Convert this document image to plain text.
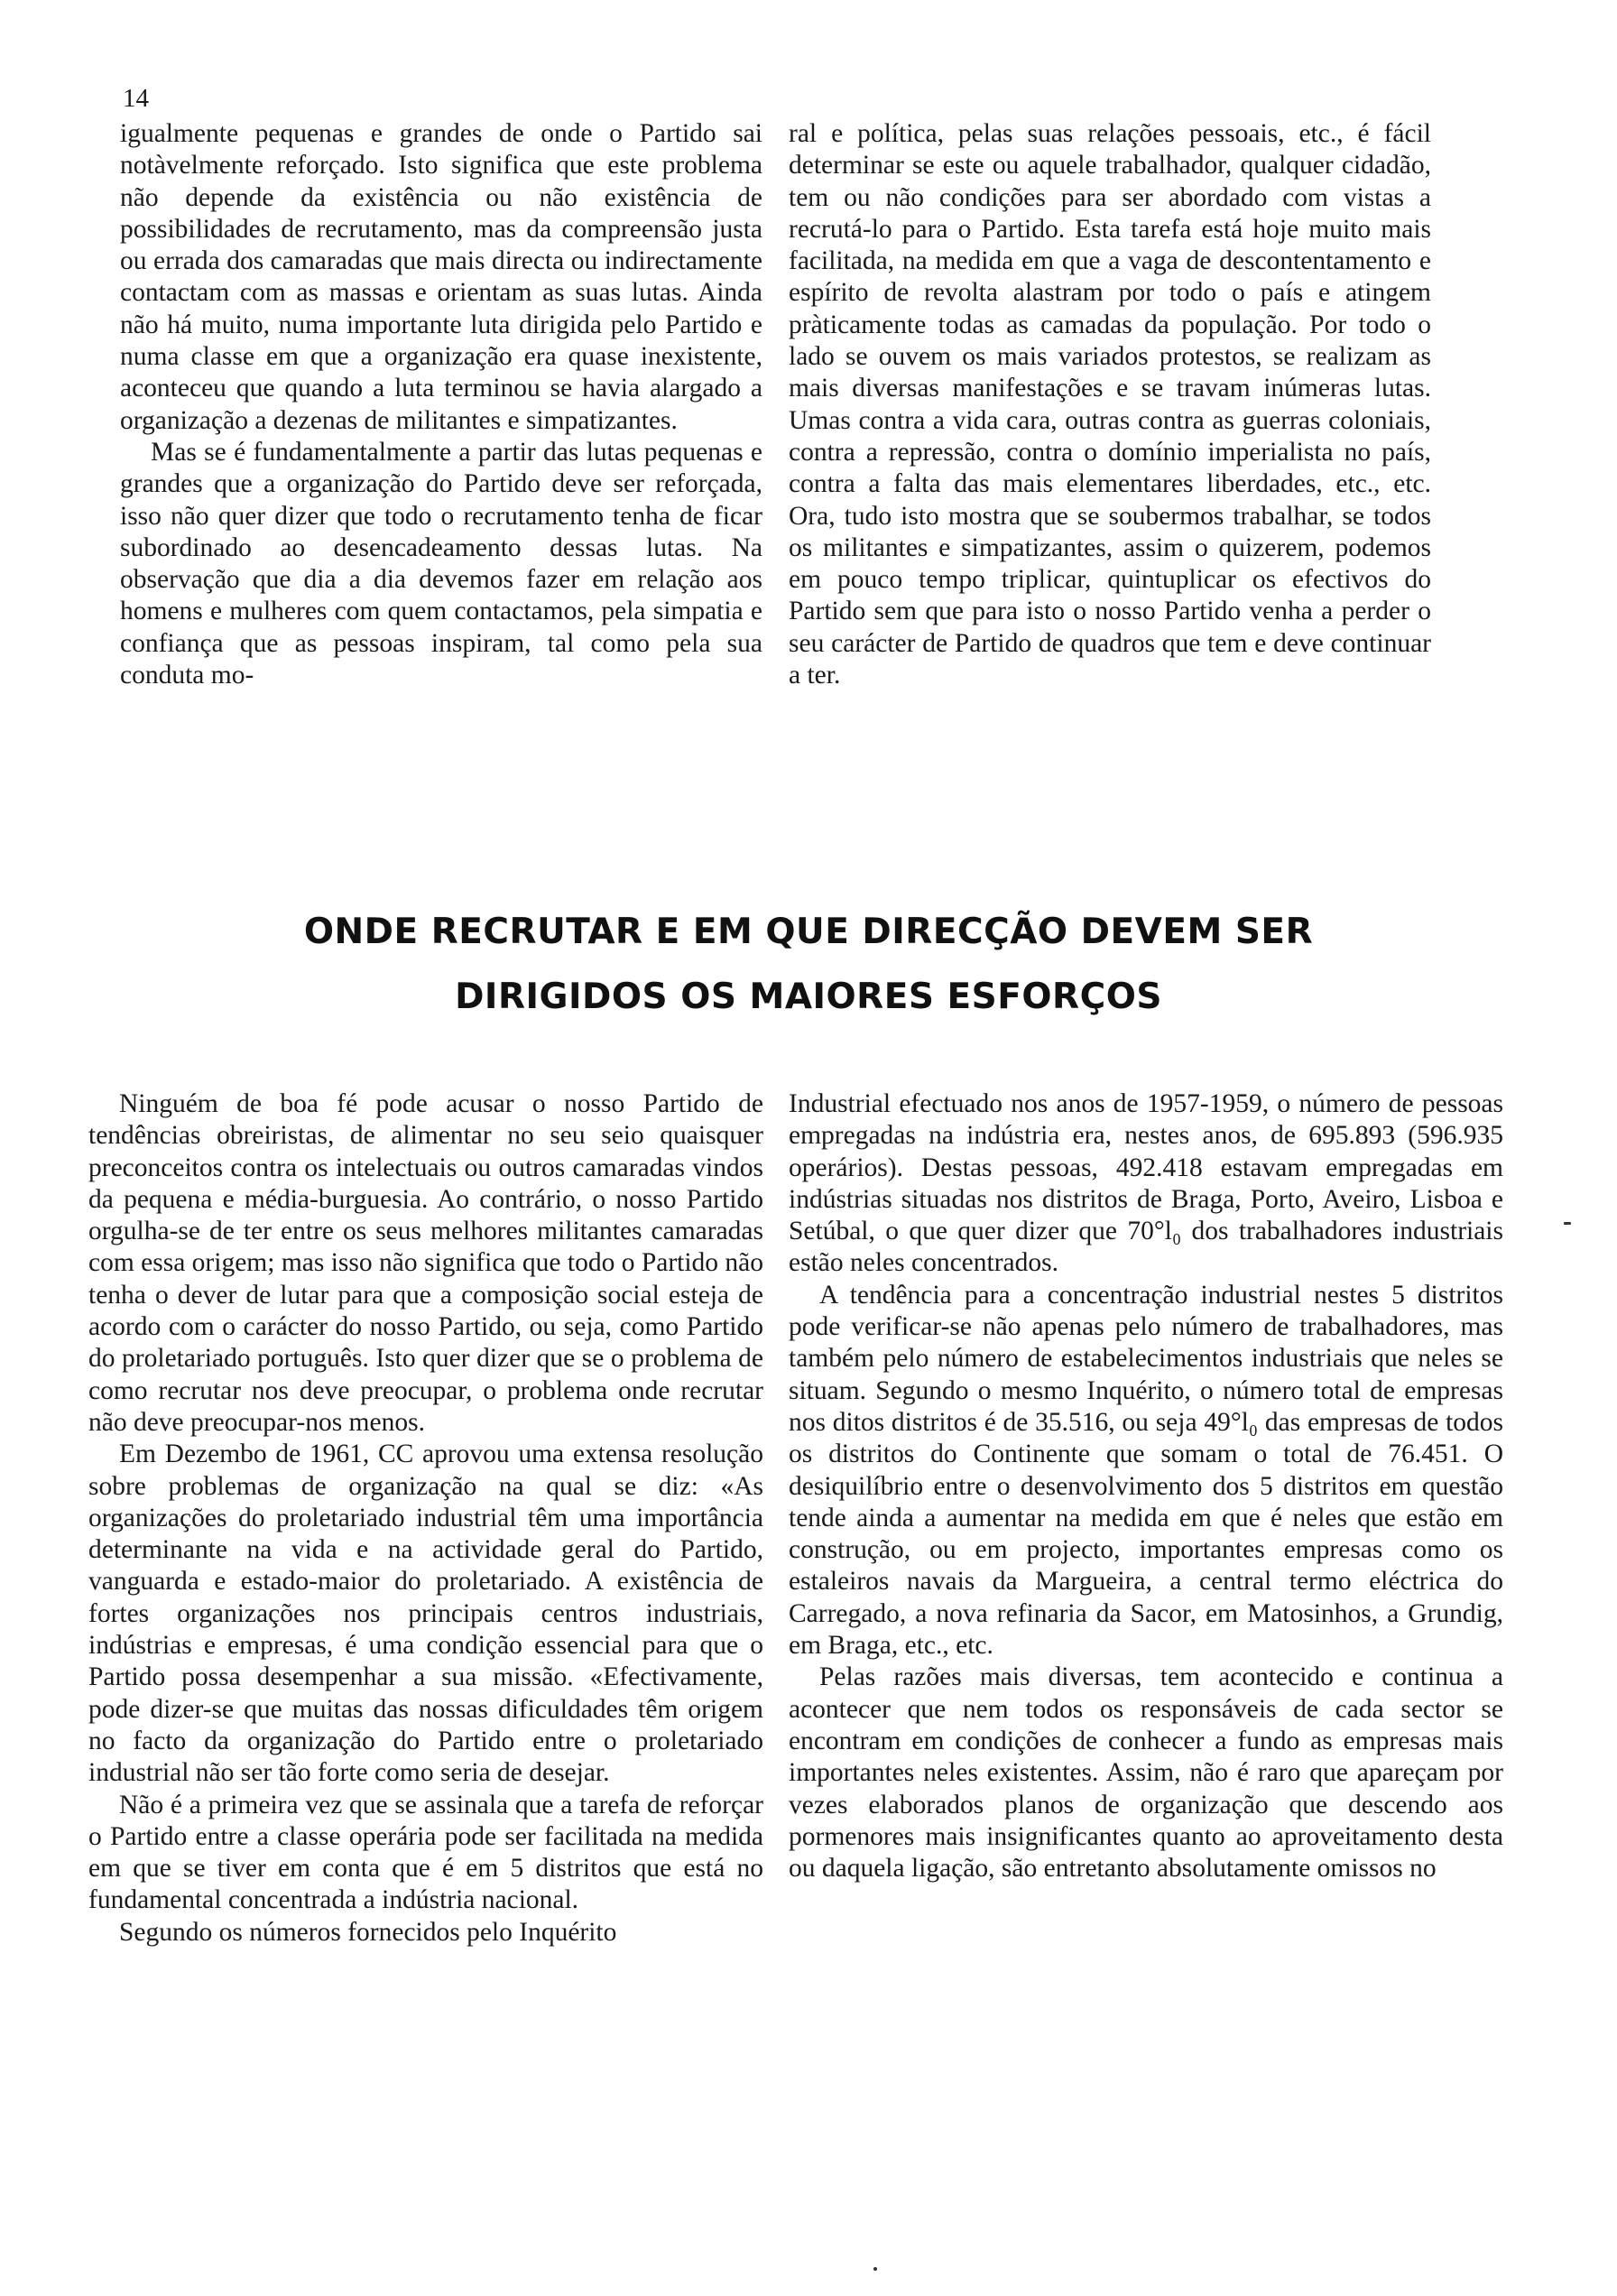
14

igualmente pequenas e grandes de onde o Partido sai notàvelmente reforçado. Isto significa que este problema não depende da existência ou não existência de possibilidades de recrutamento, mas da compreensão justa ou errada dos camaradas que mais directa ou indirectamente contactam com as massas e orientam as suas lutas. Ainda não há muito, numa importante luta dirigida pelo Partido e numa classe em que a organização era quase inexistente, aconteceu que quando a luta terminou se havia alargado a organização a dezenas de militantes e simpatizantes.

Mas se é fundamentalmente a partir das lutas pequenas e grandes que a organização do Partido deve ser reforçada, isso não quer dizer que todo o recrutamento tenha de ficar subordinado ao desencadeamento dessas lutas. Na observação que dia a dia devemos fazer em relação aos homens e mulheres com quem contactamos, pela simpatia e confiança que as pessoas inspiram, tal como pela sua conduta mo-

ral e política, pelas suas relações pessoais, etc., é fácil determinar se este ou aquele trabalhador, qualquer cidadão, tem ou não condições para ser abordado com vistas a recrutá-lo para o Partido. Esta tarefa está hoje muito mais facilitada, na medida em que a vaga de descontentamento e espírito de revolta alastram por todo o país e atingem pràticamente todas as camadas da população. Por todo o lado se ouvem os mais variados protestos, se realizam as mais diversas manifestações e se travam inúmeras lutas. Umas contra a vida cara, outras contra as guerras coloniais, contra a repressão, contra o domínio imperialista no país, contra a falta das mais elementares liberdades, etc., etc. Ora, tudo isto mostra que se soubermos trabalhar, se todos os militantes e simpatizantes, assim o quizerem, podemos em pouco tempo triplicar, quintuplicar os efectivos do Partido sem que para isto o nosso Partido venha a perder o seu carácter de Partido de quadros que tem e deve continuar a ter.

ONDE RECRUTAR E EM QUE DIRECÇÃO DEVEM SER
DIRIGIDOS OS MAIORES ESFORÇOS

Ninguém de boa fé pode acusar o nosso Partido de tendências obreiristas, de alimentar no seu seio quaisquer preconceitos contra os intelectuais ou outros camaradas vindos da pequena e média-burguesia. Ao contrário, o nosso Partido orgulha-se de ter entre os seus melhores militantes camaradas com essa origem; mas isso não significa que todo o Partido não tenha o dever de lutar para que a composição social esteja de acordo com o carácter do nosso Partido, ou seja, como Partido do proletariado português. Isto quer dizer que se o problema de como recrutar nos deve preocupar, o problema onde recrutar não deve preocupar-nos menos.

Em Dezembo de 1961, CC aprovou uma extensa resolução sobre problemas de organização na qual se diz: «As organizações do proletariado industrial têm uma importância determinante na vida e na actividade geral do Partido, vanguarda e estado-maior do proletariado. A existência de fortes organizações nos principais centros industriais, indústrias e empresas, é uma condição essencial para que o Partido possa desempenhar a sua missão. «Efectivamente, pode dizer-se que muitas das nossas dificuldades têm origem no facto da organização do Partido entre o proletariado industrial não ser tão forte como seria de desejar.

Não é a primeira vez que se assinala que a tarefa de reforçar o Partido entre a classe operária pode ser facilitada na medida em que se tiver em conta que é em 5 distritos que está no fundamental concentrada a indústria nacional.

Segundo os números fornecidos pelo Inquérito

Industrial efectuado nos anos de 1957-1959, o número de pessoas empregadas na indústria era, nestes anos, de 695.893 (596.935 operários). Destas pessoas, 492.418 estavam empregadas em indústrias situadas nos distritos de Braga, Porto, Aveiro, Lisboa e Setúbal, o que quer dizer que 70°l₀ dos trabalhadores industriais estão neles concentrados.

A tendência para a concentração industrial nestes 5 distritos pode verificar-se não apenas pelo número de trabalhadores, mas também pelo número de estabelecimentos industriais que neles se situam. Segundo o mesmo Inquérito, o número total de empresas nos ditos distritos é de 35.516, ou seja 49°l₀ das empresas de todos os distritos do Continente que somam o total de 76.451. O desiquilíbrio entre o desenvolvimento dos 5 distritos em questão tende ainda a aumentar na medida em que é neles que estão em construção, ou em projecto, importantes empresas como os estaleiros navais da Margueira, a central termo eléctrica do Carregado, a nova refinaria da Sacor, em Matosinhos, a Grundig, em Braga, etc., etc.

Pelas razões mais diversas, tem acontecido e continua a acontecer que nem todos os responsáveis de cada sector se encontram em condições de conhecer a fundo as empresas mais importantes neles existentes. Assim, não é raro que apareçam por vezes elaborados planos de organização que descendo aos pormenores mais insignificantes quanto ao aproveitamento desta ou daquela ligação, são entretanto absolutamente omissos no
